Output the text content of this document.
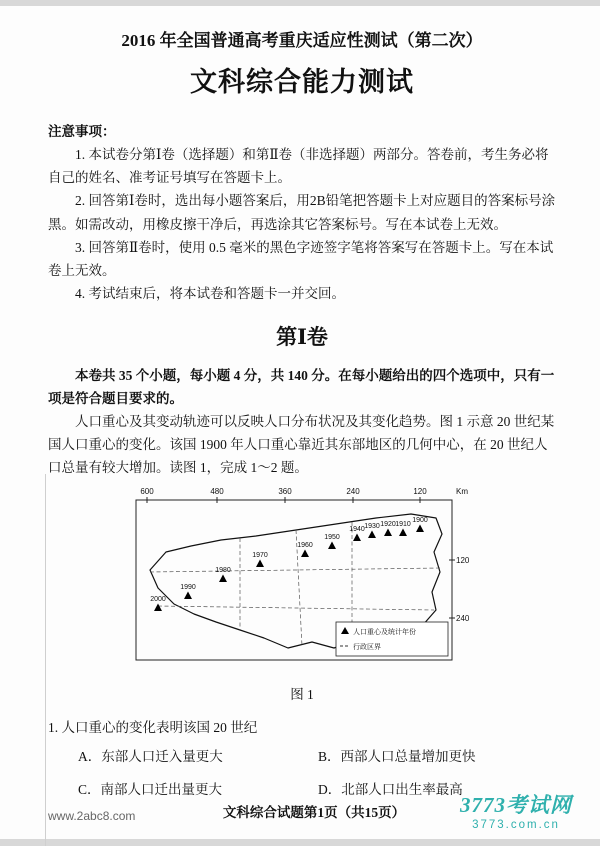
2016 年全国普通高考重庆适应性测试（第二次）
文科综合能力测试
注意事项：

1. 本试卷分第Ⅰ卷（选择题）和第Ⅱ卷（非选择题）两部分。答卷前，考生务必将自己的姓名、准考证号填写在答题卡上。

2. 回答第Ⅰ卷时，选出每小题答案后，用2B铅笔把答题卡上对应题目的答案标号涂黑。如需改动，用橡皮擦干净后，再选涂其它答案标号。写在本试卷上无效。

3. 回答第Ⅱ卷时，使用 0.5 毫米的黑色字迹签字笔将答案写在答题卡上。写在本试卷上无效。

4. 考试结束后，将本试卷和答题卡一并交回。

第Ⅰ卷

本卷共 35 个小题，每小题 4 分，共 140 分。在每小题给出的四个选项中，只有一项是符合题目要求的。

人口重心及其变动轨迹可以反映人口分布状况及其变化趋势。图 1 示意 20 世纪某国人口重心的变化。该国 1900 年人口重心靠近其东部地区的几何中心，在 20 世纪人口总量有较大增加。读图 1，完成 1～2 题。

600	480	360	240	120	Km
120
240
2000
1990
1980
1970
1960
1950
1940 1930 1920 1910
1900
人口重心及统计年份
行政区界
图 1

1. 人口重心的变化表明该国 20 世纪

A．东部人口迁入量更大	B．西部人口总量增加更快
C．南部人口迁出量更大	D．北部人口出生率最高
www.2abc8.com	文科综合试题第1页（共15页）	3773考试网
3773.com.cn
